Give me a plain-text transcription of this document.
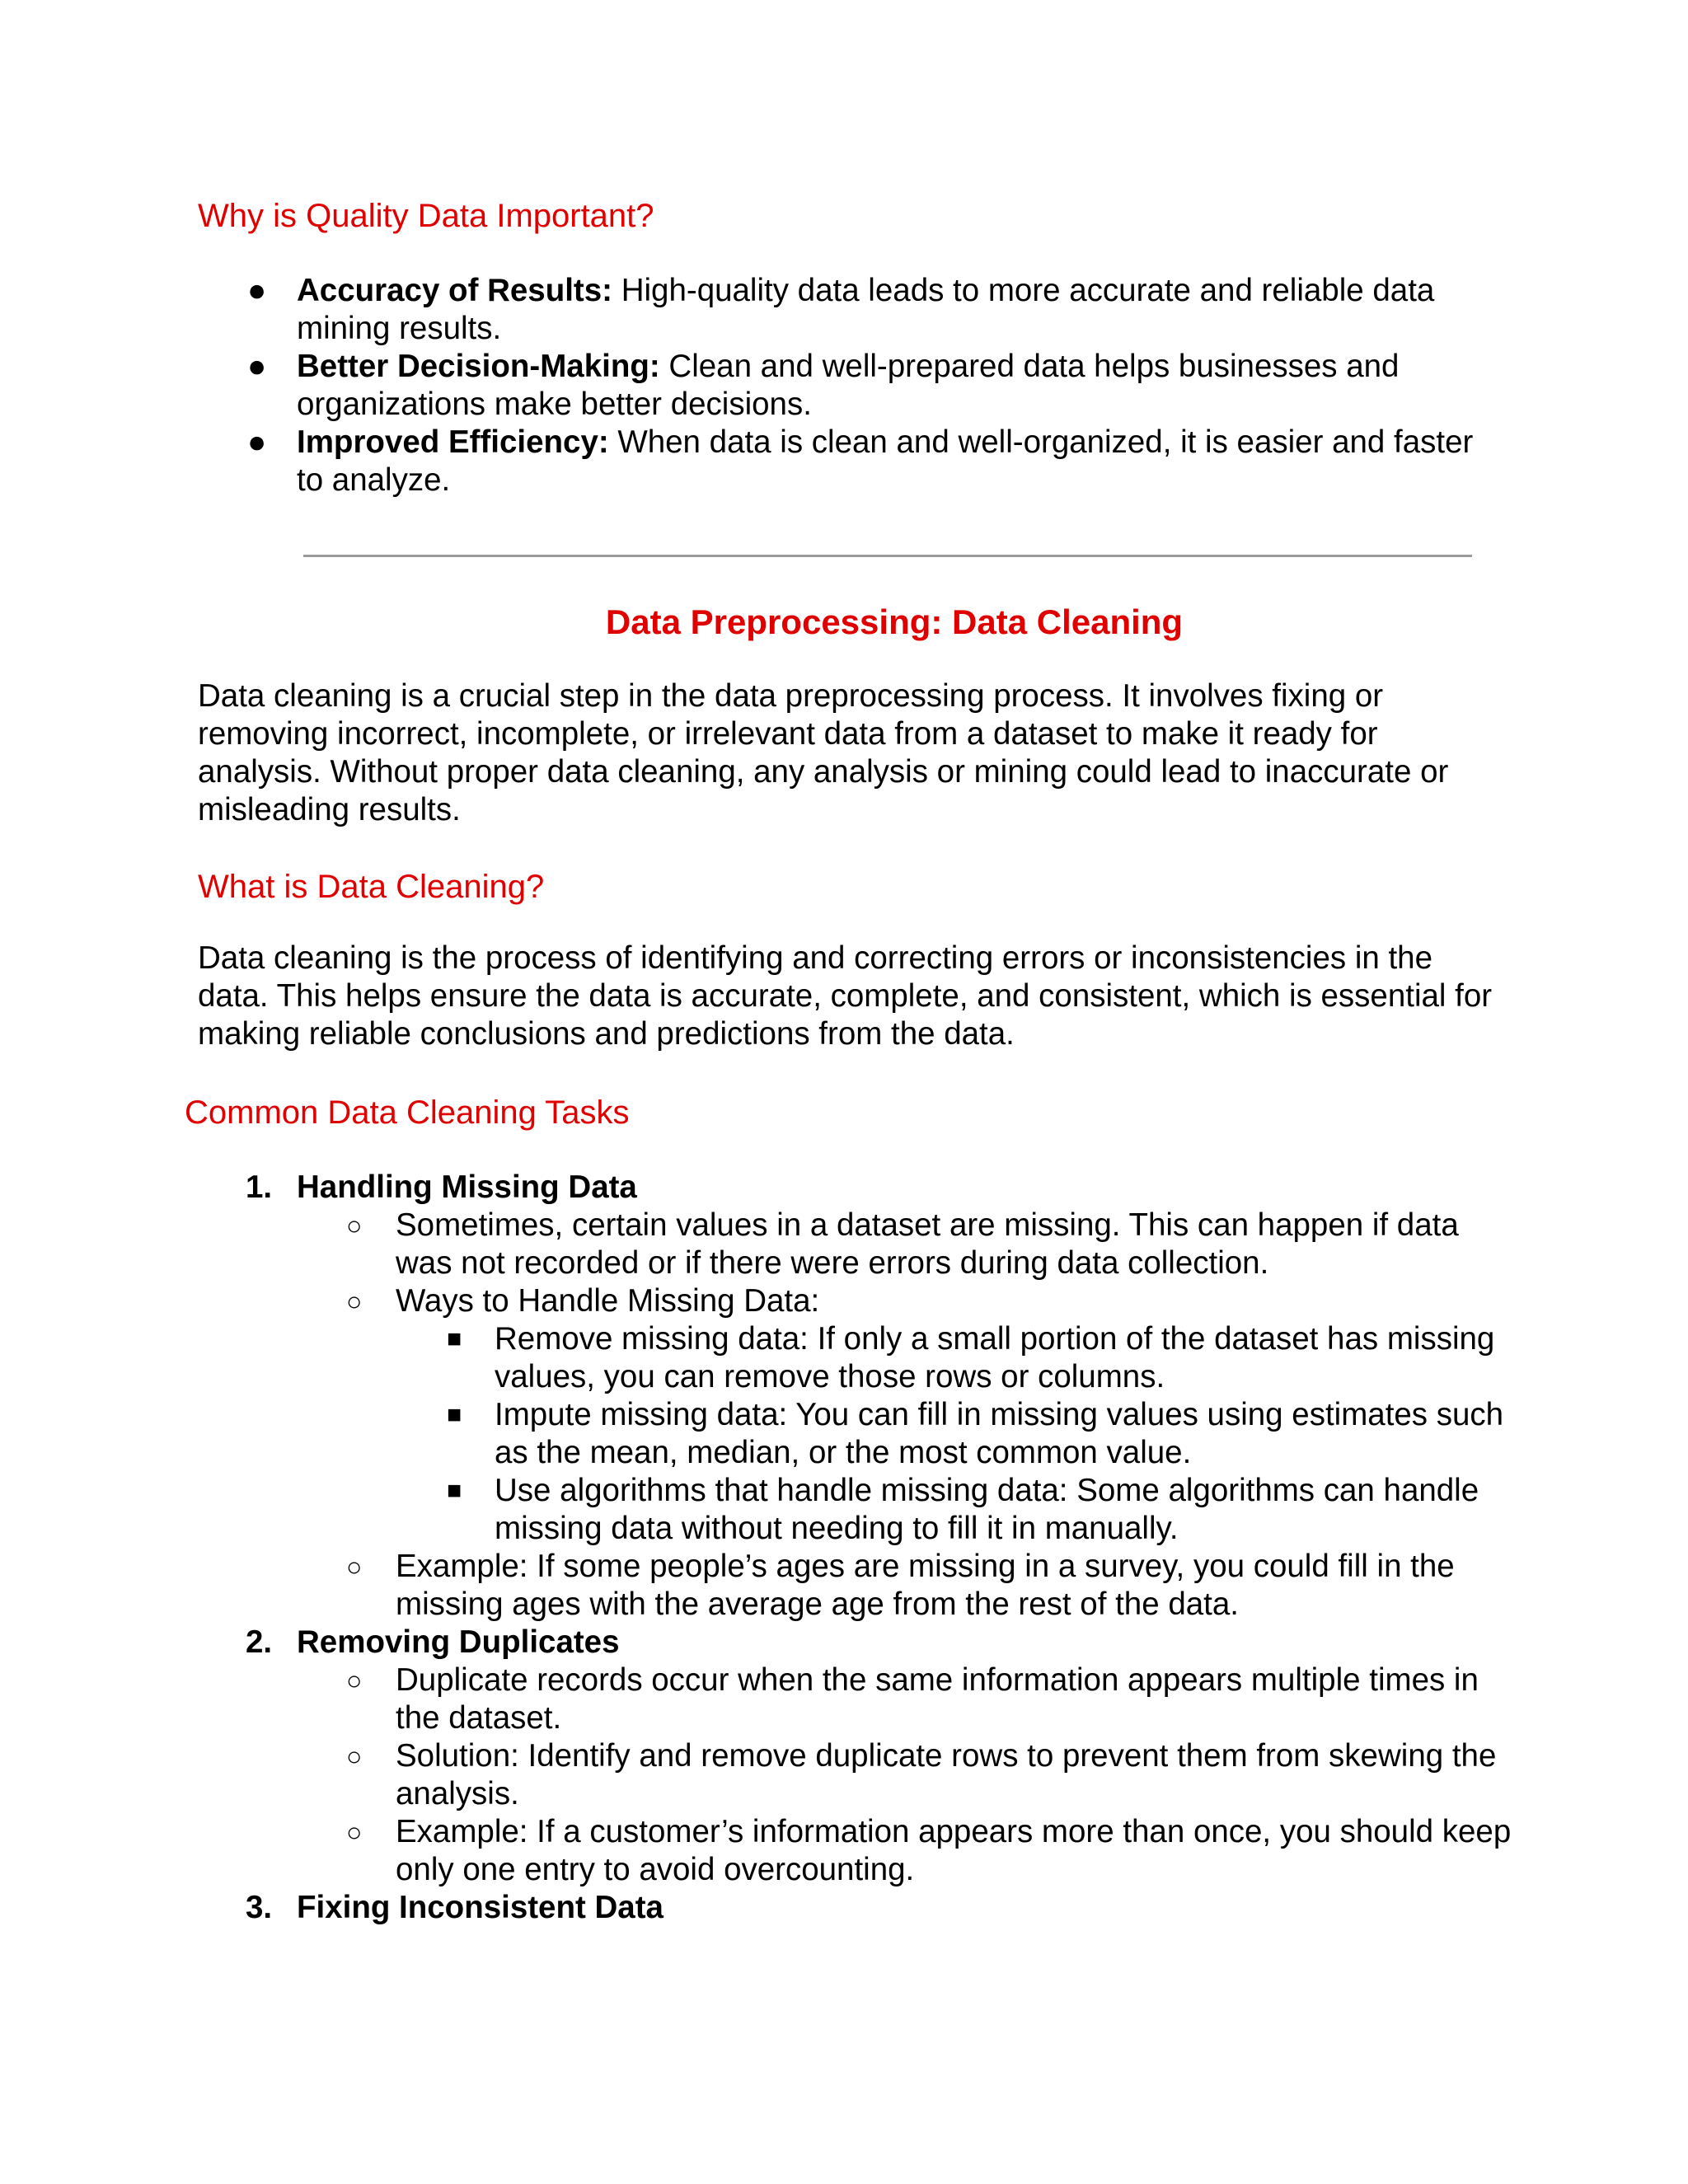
Why is Quality Data Important?
● Accuracy of Results: High-quality data leads to more accurate and reliable data mining results.
● Better Decision-Making: Clean and well-prepared data helps businesses and organizations make better decisions.
● Improved Efficiency: When data is clean and well-organized, it is easier and faster to analyze.
Data Preprocessing: Data Cleaning

Data cleaning is a crucial step in the data preprocessing process. It involves fixing or removing incorrect, incomplete, or irrelevant data from a dataset to make it ready for analysis. Without proper data cleaning, any analysis or mining could lead to inaccurate or misleading results.

What is Data Cleaning?

Data cleaning is the process of identifying and correcting errors or inconsistencies in the data. This helps ensure the data is accurate, complete, and consistent, which is essential for making reliable conclusions and predictions from the data.

Common Data Cleaning Tasks
1. Handling Missing Data
○ Sometimes, certain values in a dataset are missing. This can happen if data was not recorded or if there were errors during data collection.
○ Ways to Handle Missing Data:
■ Remove missing data: If only a small portion of the dataset has missing values, you can remove those rows or columns.
■ Impute missing data: You can fill in missing values using estimates such as the mean, median, or the most common value.
■ Use algorithms that handle missing data: Some algorithms can handle missing data without needing to fill it in manually.
○ Example: If some people’s ages are missing in a survey, you could fill in the missing ages with the average age from the rest of the data.
2. Removing Duplicates
○ Duplicate records occur when the same information appears multiple times in the dataset.
○ Solution: Identify and remove duplicate rows to prevent them from skewing the analysis.
○ Example: If a customer’s information appears more than once, you should keep only one entry to avoid overcounting.
3. Fixing Inconsistent Data
